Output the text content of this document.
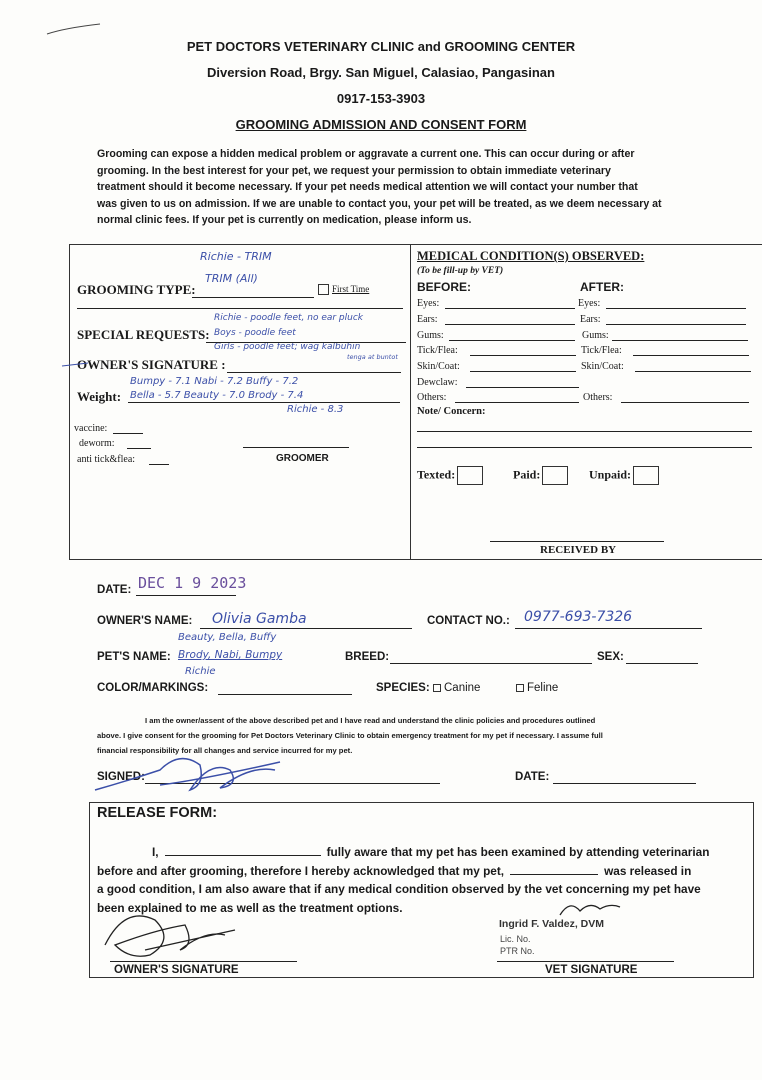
PET DOCTORS VETERINARY CLINIC and GROOMING CENTER
Diversion Road, Brgy. San Miguel, Calasiao, Pangasinan
0917-153-3903
GROOMING ADMISSION AND CONSENT FORM
Grooming can expose a hidden medical problem or aggravate a current one. This can occur during or after
grooming. In the best interest for your pet, we request your permission to obtain immediate veterinary
treatment should it become necessary. If your pet needs medical attention we will contact your number that
was given to us on admission. If we are unable to contact you, your pet will be treated, as we deem necessary at
normal clinic fees. If your pet is currently on medication, please inform us.
Richie - TRIM
TRIM (All)
GROOMING TYPE:	First Time
Richie - poodle feet, no ear pluck
Boys - poodle feet
Girls - poodle feet; wag kalbuhin
tenga at buntot
SPECIAL REQUESTS:
OWNER'S SIGNATURE :
Bumpy - 7.1 Nabi - 7.2 Buffy - 7.2
Bella - 5.7 Beauty - 7.0 Brody - 7.4
Richie - 8.3
Weight:
vaccine:
deworm:
anti tick&flea:	GROOMER
MEDICAL CONDITION(S) OBSERVED:
(To be fill-up by VET)
BEFORE:	AFTER:
Eyes:	Eyes:
Ears:	Ears:
Gums:	Gums:
Tick/Flea:	Tick/Flea:
Skin/Coat:	Skin/Coat:
Dewclaw:
Others:	Others:
Note/ Concern:
Texted:	Paid:	Unpaid:
RECEIVED BY
DATE: DEC 1 9 2023
OWNER'S NAME: Olivia Gamba	CONTACT NO.: 0977-693-7326
Beauty, Bella, Buffy
PET'S NAME: Brody, Nabi, Bumpy
Richie
BREED:	SEX:
COLOR/MARKINGS:	SPECIES:	Canine	Feline
I am the owner/assent of the above described pet and I have read and understand the clinic policies and procedures outlined
above. I give consent for the grooming for Pet Doctors Veterinary Clinic to obtain emergency treatment for my pet if necessary. I assume full
financial responsibility for all changes and service incurred for my pet.
SIGNED:	DATE:
RELEASE FORM:
I,	fully aware that my pet has been examined by attending veterinarian
before and after grooming, therefore I hereby acknowledged that my pet,	was released in
a good condition, I am also aware that if any medical condition observed by the vet concerning my pet have
been explained to me as well as the treatment options.
OWNER'S SIGNATURE
Ingrid F. Valdez, DVM
Lic. No.
PTR No.
VET SIGNATURE
